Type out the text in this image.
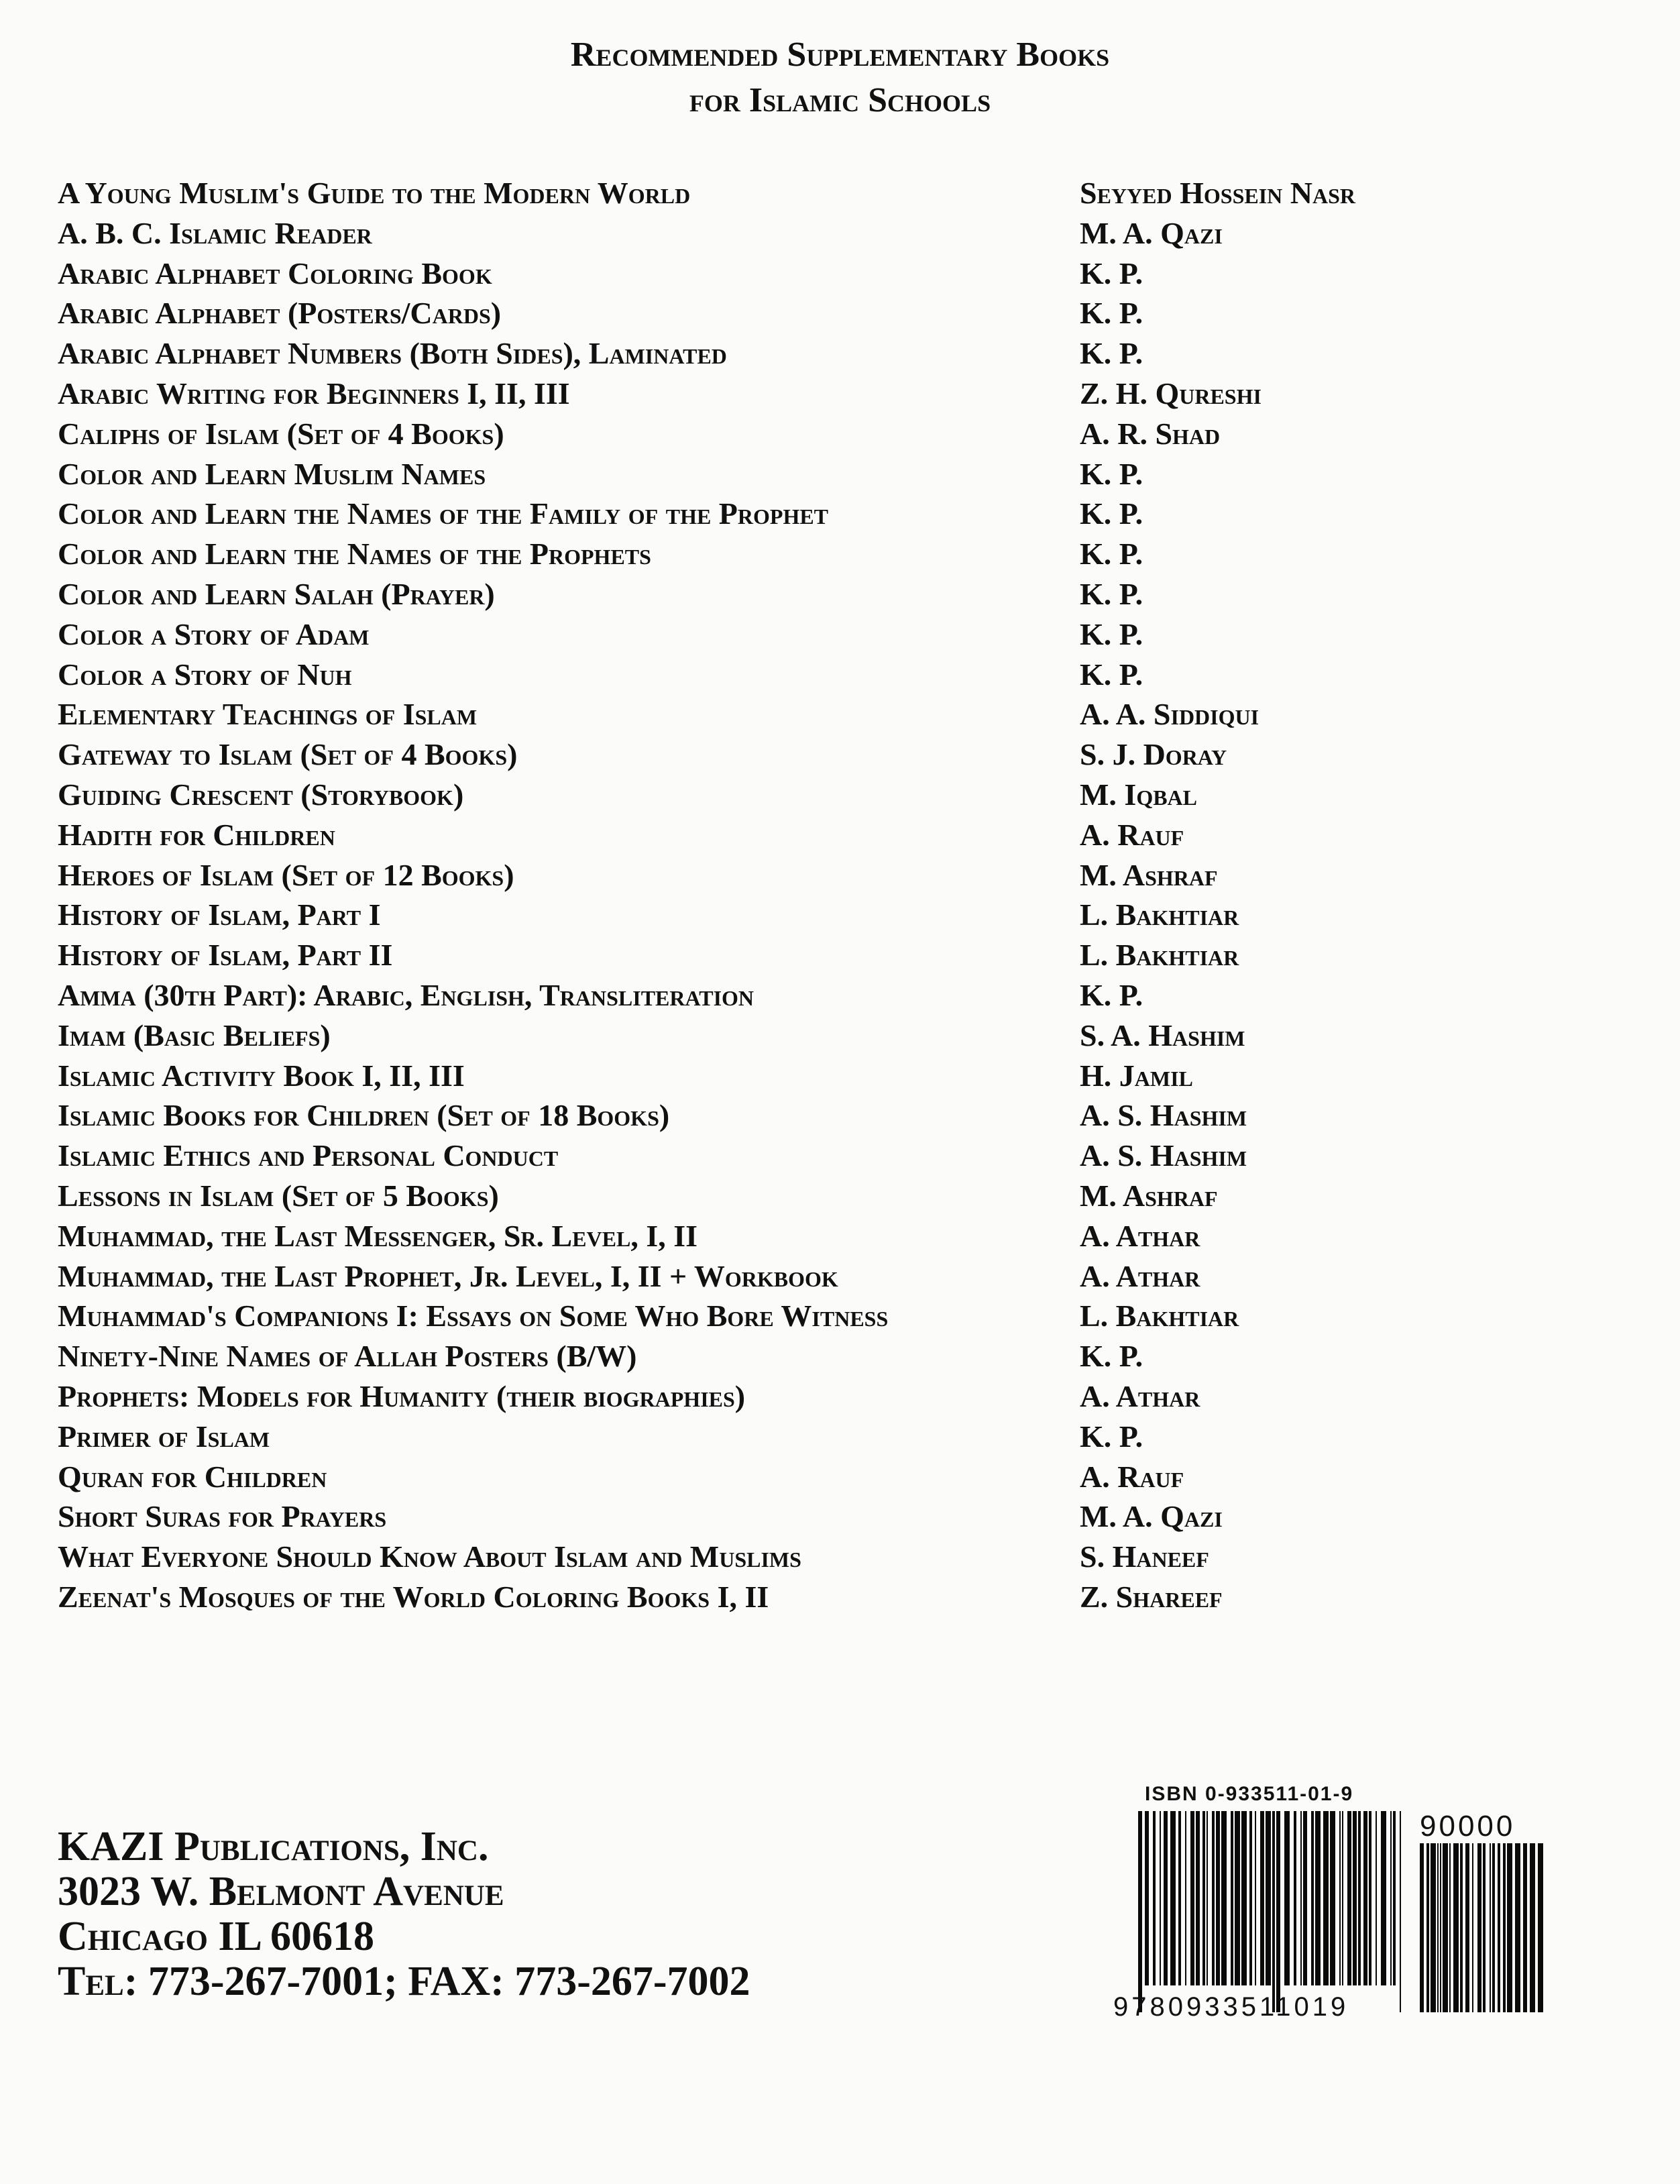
Recommended Supplementary Books
for Islamic Schools
A Young Muslim's Guide to the Modern World	Seyyed Hossein Nasr
A. B. C. Islamic Reader	M. A. Qazi
Arabic Alphabet Coloring Book	K. P.
Arabic Alphabet (Posters/Cards)	K. P.
Arabic Alphabet Numbers (Both Sides), Laminated	K. P.
Arabic Writing for Beginners I, II, III	Z. H. Qureshi
Caliphs of Islam (Set of 4 Books)	A. R. Shad
Color and Learn Muslim Names	K. P.
Color and Learn the Names of the Family of the Prophet	K. P.
Color and Learn the Names of the Prophets	K. P.
Color and Learn Salah (Prayer)	K. P.
Color a Story of Adam	K. P.
Color a Story of Nuh	K. P.
Elementary Teachings of Islam	A. A. Siddiqui
Gateway to Islam (Set of 4 Books)	S. J. Doray
Guiding Crescent (Storybook)	M. Iqbal
Hadith for Children	A. Rauf
Heroes of Islam (Set of 12 Books)	M. Ashraf
History of Islam, Part I	L. Bakhtiar
History of Islam, Part II	L. Bakhtiar
Amma (30th Part): Arabic, English, Transliteration	K. P.
Imam (Basic Beliefs)	S. A. Hashim
Islamic Activity Book I, II, III	H. Jamil
Islamic Books for Children (Set of 18 Books)	A. S. Hashim
Islamic Ethics and Personal Conduct	A. S. Hashim
Lessons in Islam (Set of 5 Books)	M. Ashraf
Muhammad, the Last Messenger, Sr. Level, I, II	A. Athar
Muhammad, the Last Prophet, Jr. Level, I, II + Workbook	A. Athar
Muhammad's Companions I: Essays on Some Who Bore Witness	L. Bakhtiar
Ninety-Nine Names of Allah Posters (B/W)	K. P.
Prophets: Models for Humanity (their biographies)	A. Athar
Primer of Islam	K. P.
Quran for Children	A. Rauf
Short Suras for Prayers	M. A. Qazi
What Everyone Should Know About Islam and Muslims	S. Haneef
Zeenat's Mosques of the World Coloring Books I, II	Z. Shareef
KAZI Publications, Inc.
3023 W. Belmont Avenue
Chicago IL 60618
Tel: 773-267-7001; FAX: 773-267-7002
ISBN 0-933511-01-9
90000
9780933511019
